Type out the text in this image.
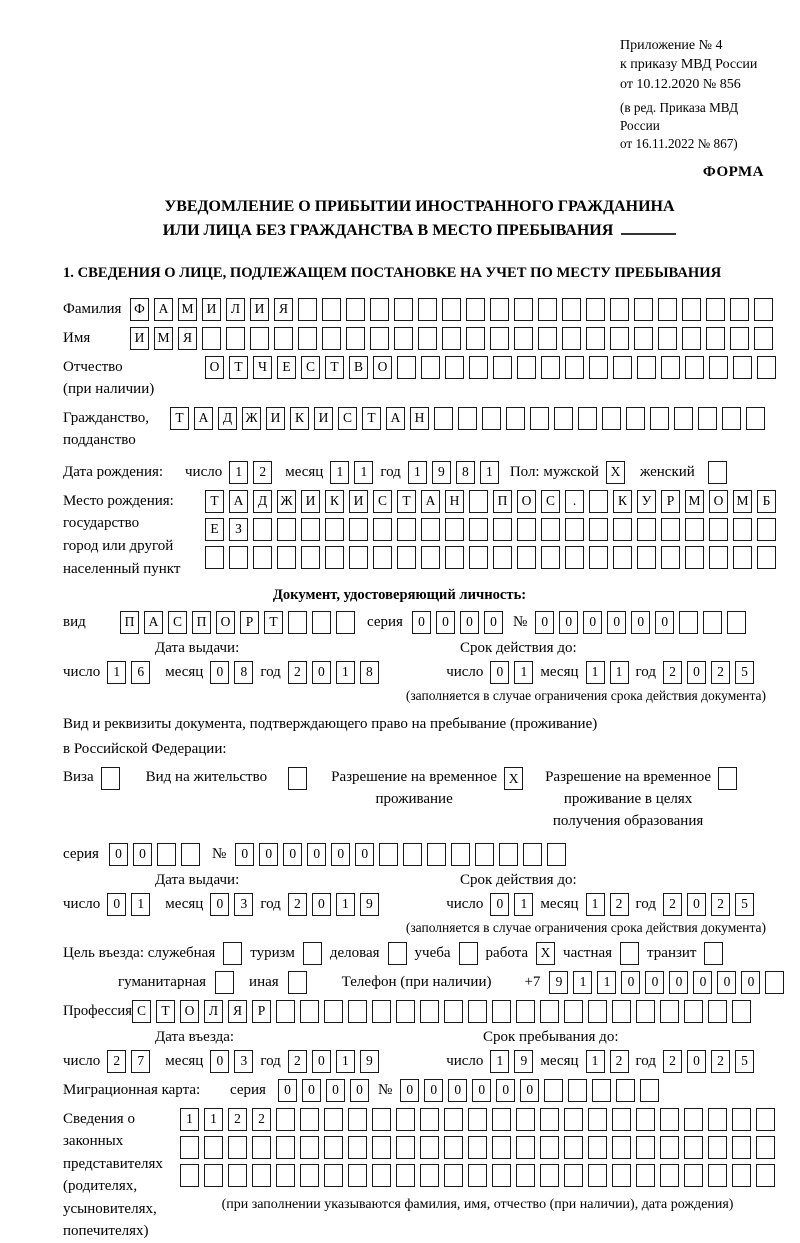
Приложение № 4
к приказу МВД России
от 10.12.2020 № 856
(в ред. Приказа МВД России
от 16.11.2022 № 867)
ФОРМА
УВЕДОМЛЕНИЕ О ПРИБЫТИИ ИНОСТРАННОГО ГРАЖДАНИНА
ИЛИ ЛИЦА БЕЗ ГРАЖДАНСТВА В МЕСТО ПРЕБЫВАНИЯ
1. СВЕДЕНИЯ О ЛИЦЕ, ПОДЛЕЖАЩЕМ ПОСТАНОВКЕ НА УЧЕТ ПО МЕСТУ ПРЕБЫВАНИЯ
Фамилия Ф	А М И	Л	И	Я
Имя	И М Я
Отчество
(при наличии)
О	Т	Ч	Е	С	Т	В	О
Гражданство,
подданство
Т	А	Д Ж И	К	И	С	Т	А	Н
Дата рождения:	число 1	2	месяц 1	1 год 1	9	8	1	Пол: мужской X	женский
Место рождения:
государство
город или другой
населенный пункт
Т	А	Д Ж И	К	И	С	Т	А	Н	П	О	С	.	К	У	Р	М О М	Б
Е	З
Документ, удостоверяющий личность:
вид	П	А	С	П	О	Р	Т	серия	0	0	0	0	№	0	0	0	0	0	0
Дата выдачи:	Срок действия до:
число 1	6	месяц 0	8 год 2	0	1	8	число 0	1 месяц 1	1 год 2	0	2	5
(заполняется в случае ограничения срока действия документа)
Вид и реквизиты документа, подтверждающего право на пребывание (проживание)
в Российской Федерации:
Виза	Вид на жительство	Разрешение на временное
проживание
X	Разрешение на временное
проживание в целях
получения образования
серия	0	0	№	0	0	0	0	0	0
Дата выдачи:	Срок действия до:
число 0	1	месяц 0	3 год 2	0	1	9	число 0	1 месяц 1	2 год 2	0	2	5
(заполняется в случае ограничения срока действия документа)
Цель въезда: служебная туризм деловая учеба работа X частная транзит
гуманитарная	иная	Телефон (при наличии) +7	9	1	1	0	0	0	0	0	0
Профессия С	Т	О	Л	Я	Р
Дата въезда:	Срок пребывания до:
число 2	7	месяц 0	3 год 2	0	1	9	число 1	9 месяц 1	2 год 2	0	2	5
Миграционная карта:	серия	0	0	0	0	№	0	0	0	0	0	0
Сведения о
законных
представителях
(родителях,
усыновителях,
попечителях)
1	1	2	2
(при заполнении указываются фамилия, имя, отчество (при наличии), дата рождения)
